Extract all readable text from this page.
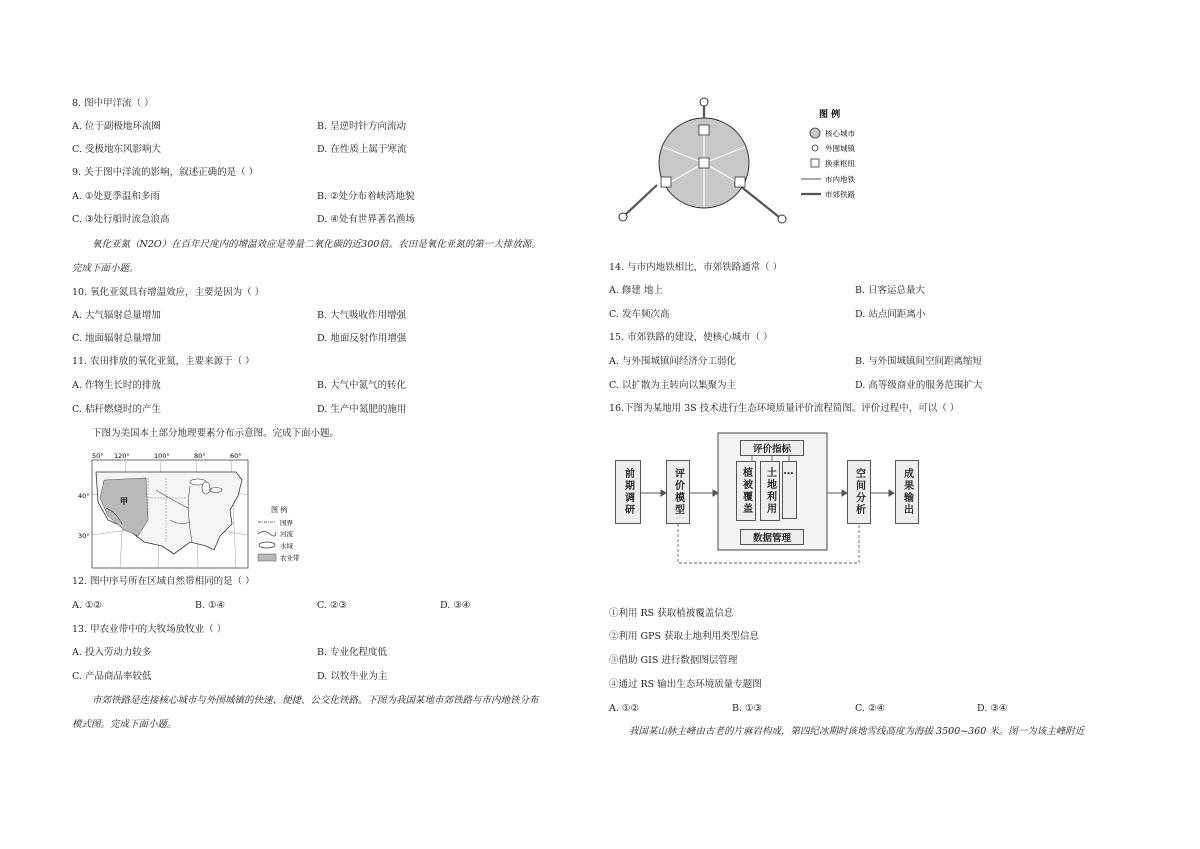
8. 图中甲洋流（ ）
A. 位于副极地环流圈	B. 呈逆时针方向流动
C. 受极地东风影响大	D. 在性质上属于寒流
9. 关于图中洋流的影响，叙述正确的是（ ）
A. ①处夏季温和多雨	B. ②处分布着峡湾地貌
C. ③处行船时流急浪高	D. ④处有世界著名渔场
氧化亚氮（N2O）在百年尺度内的增温效应是等量二氧化碳的近300倍。农田是氧化亚氮的第一大排放源。
完成下面小题。
10. 氧化亚氮具有增温效应，主要是因为（ ）
A. 大气辐射总量增加	B. 大气吸收作用增强
C. 地面辐射总量增加	D. 地面反射作用增强
11. 农田排放的氧化亚氮，主要来源于（ ）
A. 作物生长时的排放	B. 大气中氮气的转化
C. 秸秆燃烧时的产生	D. 生产中氮肥的施用
下图为美国本土部分地理要素分布示意图。完成下面小题。
50° 120°	100°	80°	60°
40°
30°
甲
图 例
国界
河流
水域
农业带
12. 图中序号所在区域自然带相同的是（ ）
A. ①②	B. ①④	C. ②③	D. ③④
13. 甲农业带中的大牧场放牧业（ ）
A. 投入劳动力较多	B. 专业化程度低
C. 产品商品率较低	D. 以牧牛业为主
市郊铁路是连接核心城市与外围城镇的快速、便捷、公交化铁路。下图为我国某地市郊铁路与市内地铁分布
模式图。完成下面小题。
图 例
核心城市
外围城镇
换乘枢纽
市内地铁
市郊铁路
14. 与市内地铁相比，市郊铁路通常（ ）
A. 修建 地上	B. 日客运总量大
C. 发车频次高	D. 站点间距离小
15. 市郊铁路的建设，使核心城市（ ）
A. 与外围城镇间经济分工弱化	B. 与外围城镇间空间距离缩短
C. 以扩散为主转向以集聚为主	D. 高等级商业的服务范围扩大
16.下图为某地用 3S 技术进行生态环境质量评价流程简图。评价过程中，可以（ ）
前期调研	评价模型
评价指标
植被覆盖	土地利用 …
数据管理
空间分析	成果输出
①利用 RS 获取植被覆盖信息
②利用 GPS 获取土地利用类型信息
③借助 GIS 进行数据图层管理
④通过 RS 输出生态环境质量专题图
A. ①②	B. ①③	C. ②④	D. ③④
我国某山脉主峰由古老的片麻岩构成，第四纪冰期时该地雪线高度为海拔 3500~360 米。图一为该主峰附近
